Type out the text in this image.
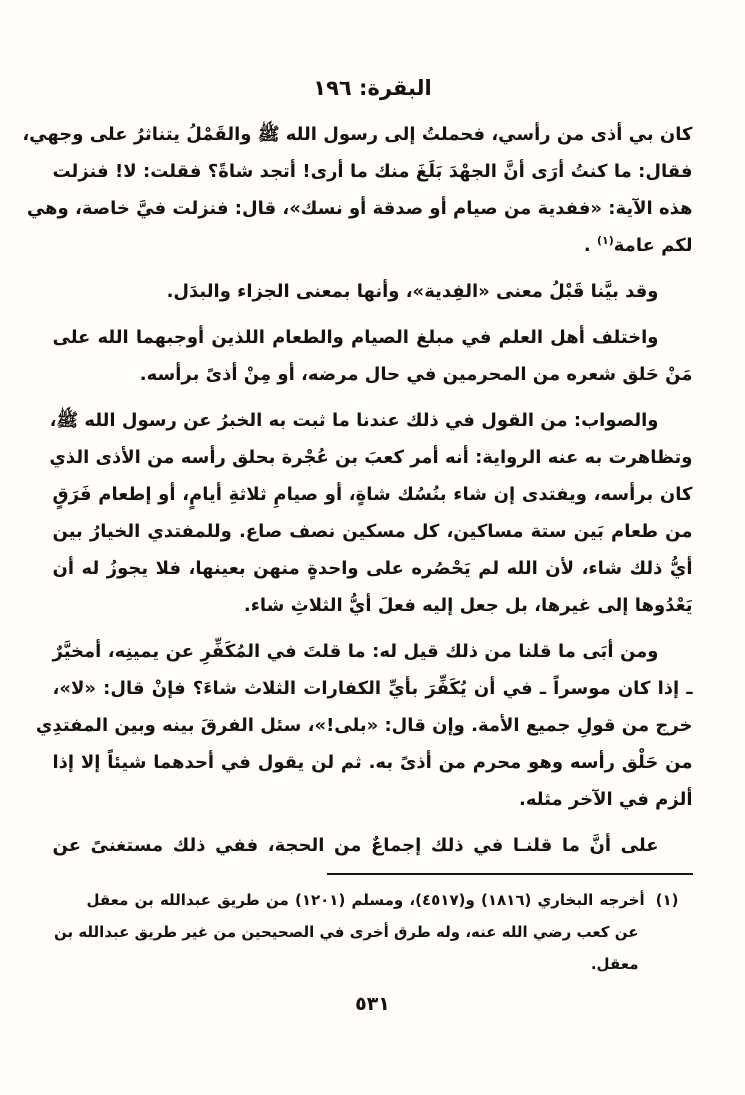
البقرة: ١٩٦
كان بي أذى من رأسي، فحملتُ إلى رسول الله ﷺ والقَمْلُ يتناثرُ على وجهي،
فقال: ما كنتُ أرَى أنَّ الجهْدَ بَلَغَ منك ما أرى! أتجد شاةً؟ فقلت: لا! فنزلت
هذه الآية: «ففدية من صيام أو صدقة أو نسك»، قال: فنزلت فيَّ خاصة، وهي
لكم عامة$^{(١)}$ .
وقد بيَّنا قَبْلُ معنى «الفِدية»، وأنها بمعنى الجزاء والبدَل.
واختلف أهل العلم في مبلغ الصيام والطعام اللذين أوجبهما الله على
مَنْ حَلق شعره من المحرمين في حال مرضه، أو مِنْ أذىً برأسه.
والصواب: من القول في ذلك عندنا ما ثبت به الخبرُ عن رسول الله ﷺ،
وتظاهرت به عنه الرواية: أنه أمر كعبَ بن عُجْرة بحلق رأسه من الأذى الذي
كان برأسه، ويفتدى إن شاء بنُسُك شاةٍ، أو صيامِ ثلاثةِ أيامٍ، أو إطعام فَرَقٍ
من طعام بَين ستة مساكين، كل مسكين نصف صاع. وللمفتدي الخيارُ بين
أيُّ ذلك شاء، لأن الله لم يَحْصُره على واحدةٍ منهن بعينها، فلا يجوزُ له أن
يَعْدُوها إلى غيرها، بل جعل إليه فعلَ أيُّ الثلاثِ شاء.
ومن أبَى ما قلنا من ذلك قيل له: ما قلتَ في المُكَفِّرِ عن يمينِه، أمخيَّرٌ
ـ إذا كان موسراً ـ في أن يُكَفِّرَ بأيِّ الكفارات الثلاث شاءَ؟ فإنْ قال: «لا»،
خرج من قولِ جميع الأمة. وإن قال: «بلى!»، سئل الفرقَ بينه وبين المفتدِي
من حَلْق رأسه وهو محرم من أذىً به. ثم لن يقول في أحدهما شيئاً إلا إذا
ألزم في الآخر مثله.
على أنَّ ما قلنـا في ذلك إجماعٌ من الحجة، ففي ذلك مستغنىً عن
(١)
أخرجه البخاري (١٨١٦) و(٤٥١٧)، ومسلم (١٢٠١) من طريق عبدالله بن معقل
عن كعب رضي الله عنه، وله طرق أخرى في الصحيحين من غير طريق عبدالله بن
معقل.
٥٣١
